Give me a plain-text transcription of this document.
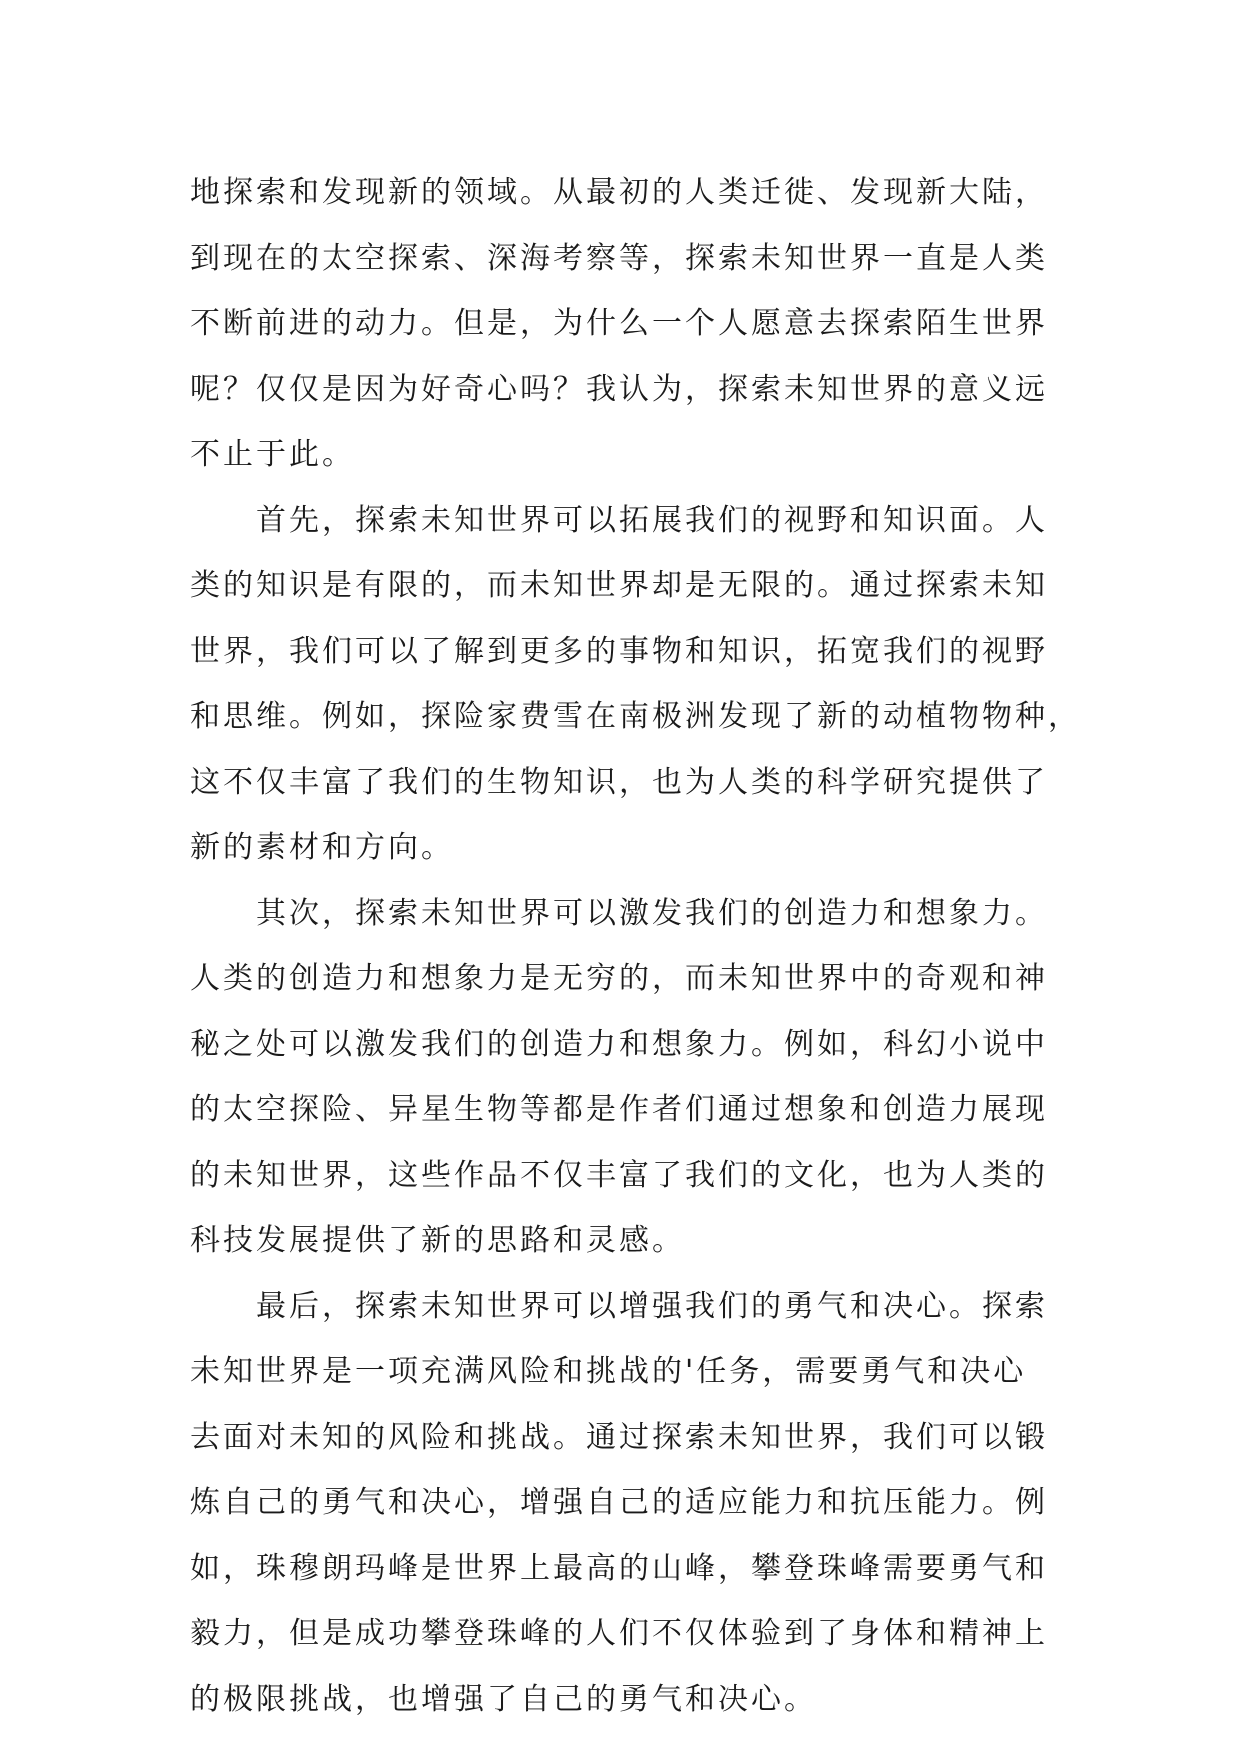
地探索和发现新的领域。从最初的人类迁徙、发现新大陆，
到现在的太空探索、深海考察等，探索未知世界一直是人类
不断前进的动力。但是，为什么一个人愿意去探索陌生世界
呢？仅仅是因为好奇心吗？我认为，探索未知世界的意义远
不止于此。
首先，探索未知世界可以拓展我们的视野和知识面。人
类的知识是有限的，而未知世界却是无限的。通过探索未知
世界，我们可以了解到更多的事物和知识，拓宽我们的视野
和思维。例如，探险家费雪在南极洲发现了新的动植物物种，
这不仅丰富了我们的生物知识，也为人类的科学研究提供了
新的素材和方向。
其次，探索未知世界可以激发我们的创造力和想象力。
人类的创造力和想象力是无穷的，而未知世界中的奇观和神
秘之处可以激发我们的创造力和想象力。例如，科幻小说中
的太空探险、异星生物等都是作者们通过想象和创造力展现
的未知世界，这些作品不仅丰富了我们的文化，也为人类的
科技发展提供了新的思路和灵感。
最后，探索未知世界可以增强我们的勇气和决心。探索
未知世界是一项充满风险和挑战的'任务，需要勇气和决心
去面对未知的风险和挑战。通过探索未知世界，我们可以锻
炼自己的勇气和决心，增强自己的适应能力和抗压能力。例
如，珠穆朗玛峰是世界上最高的山峰，攀登珠峰需要勇气和
毅力，但是成功攀登珠峰的人们不仅体验到了身体和精神上
的极限挑战，也增强了自己的勇气和决心。
